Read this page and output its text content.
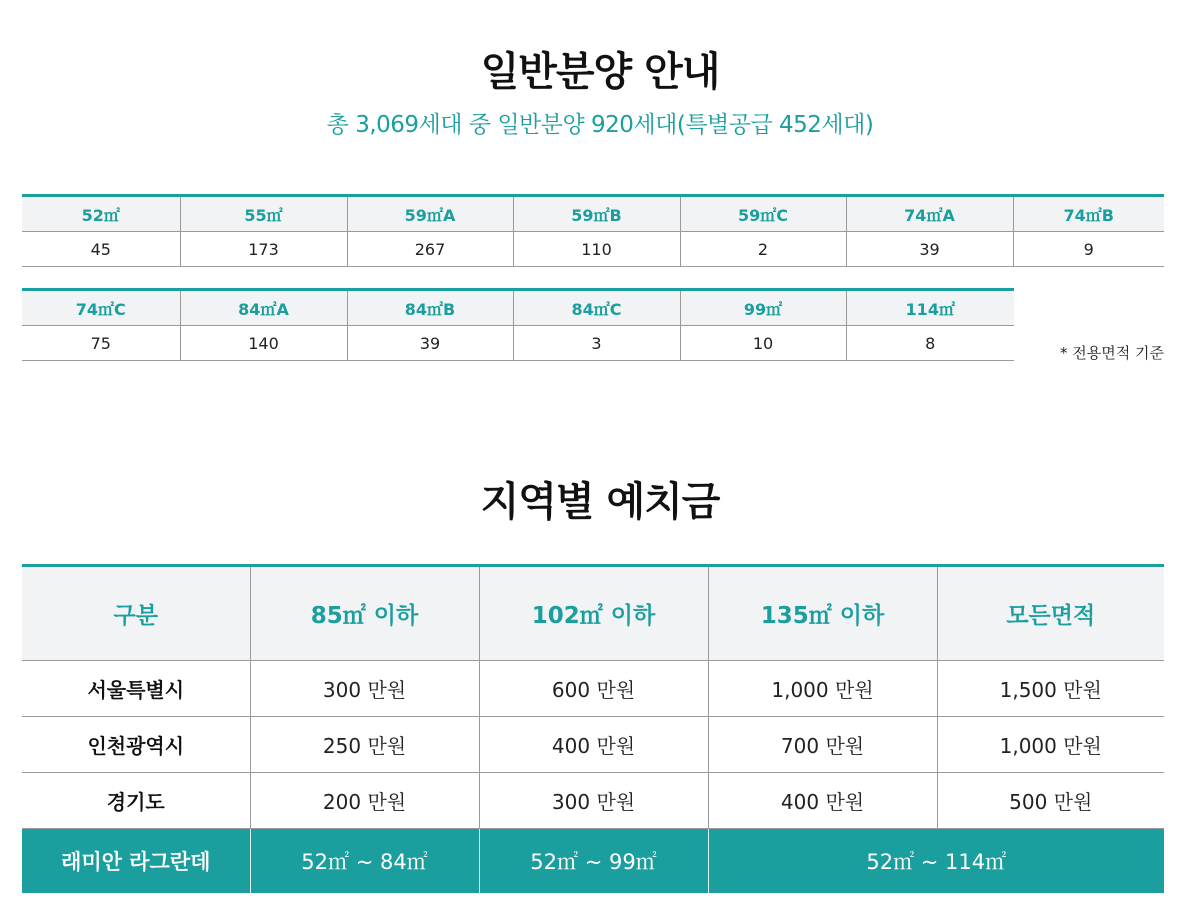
일반분양 안내
총 3,069세대 중 일반분양 920세대(특별공급 452세대)
52㎡	55㎡	59㎡A	59㎡B	59㎡C	74㎡A	74㎡B
45	173	267	110	2	39	9
74㎡C	84㎡A	84㎡B	84㎡C	99㎡	114㎡
75	140	39	3	10	8
* 전용면적 기준
지역별 예치금
구분	85㎡ 이하	102㎡ 이하	135㎡ 이하	모든면적
서울특별시	300 만원	600 만원	1,000 만원	1,500 만원
인천광역시	250 만원	400 만원	700 만원	1,000 만원
경기도	200 만원	300 만원	400 만원	500 만원
래미안 라그란데	52㎡ ~ 84㎡	52㎡ ~ 99㎡	52㎡ ~ 114㎡	
